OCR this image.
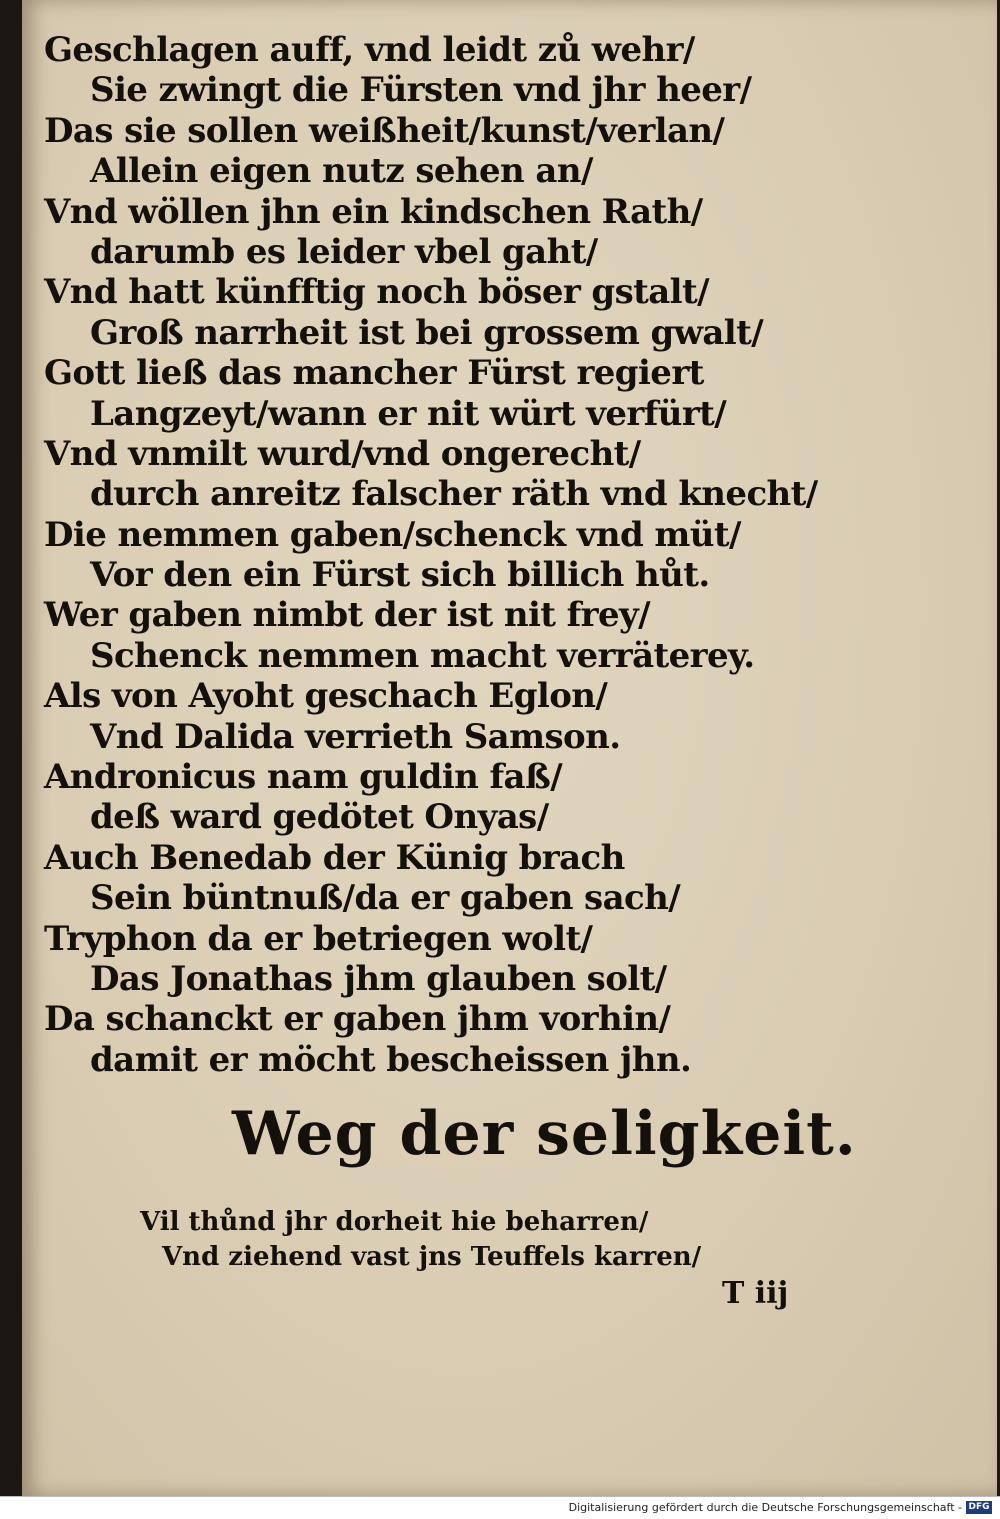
Geschlagen auff, vnd leidt zů wehr/
Sie zwingt die Fürsten vnd jhr heer/
Das sie sollen weißheit/kunst/verlan/
Allein eigen nutz sehen an/
Vnd wöllen jhn ein kindschen Rath/
darumb es leider vbel gaht/
Vnd hatt künfftig noch böser gstalt/
Groß narrheit ist bei grossem gwalt/
Gott ließ das mancher Fürst regiert
Langzeyt/wann er nit würt verfürt/
Vnd vnmilt wurd/vnd ongerecht/
durch anreitz falscher räth vnd knecht/
Die nemmen gaben/schenck vnd müt/
Vor den ein Fürst sich billich hůt.
Wer gaben nimbt der ist nit frey/
Schenck nemmen macht verräterey.
Als von Ayoht geschach Eglon/
Vnd Dalida verrieth Samson.
Andronicus nam guldin faß/
deß ward gedötet Onyas/
Auch Benedab der Künig brach
Sein büntnuß/da er gaben sach/
Tryphon da er betriegen wolt/
Das Jonathas jhm glauben solt/
Da schanckt er gaben jhm vorhin/
damit er möcht bescheissen jhn.
Weg der seligkeit.
Vil thůnd jhr dorheit hie beharren/
Vnd ziehend vast jns Teuffels karren/
T iij
Digitalisierung gefördert durch die Deutsche Forschungsgemeinschaft - DFG
